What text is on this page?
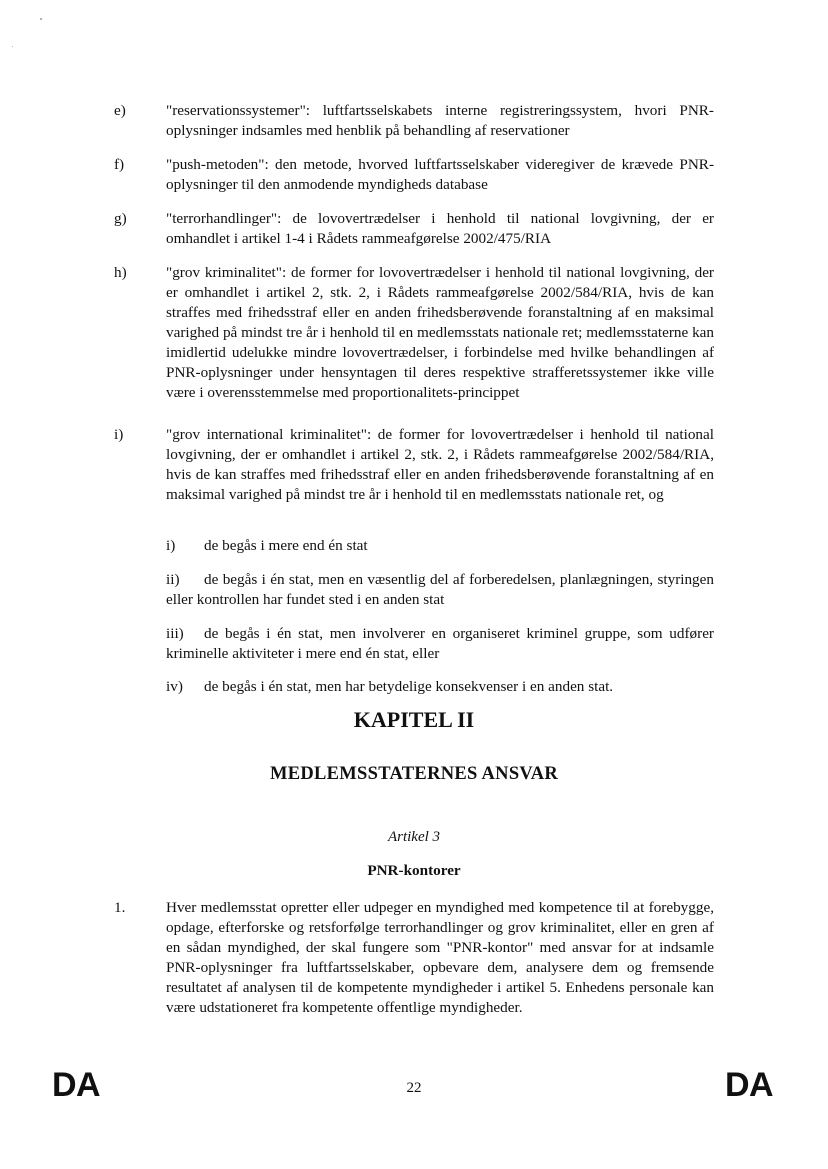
e)	"reservationssystemer": luftfartsselskabets interne registreringssystem, hvori PNR-oplysninger indsamles med henblik på behandling af reservationer
f)	"push-metoden": den metode, hvorved luftfartsselskaber videregiver de krævede PNR-oplysninger til den anmodende myndigheds database
g)	"terrorhandlinger": de lovovertrædelser i henhold til national lovgivning, der er omhandlet i artikel 1-4 i Rådets rammeafgørelse 2002/475/RIA
h)	"grov kriminalitet": de former for lovovertrædelser i henhold til national lovgivning, der er omhandlet i artikel 2, stk. 2, i Rådets rammeafgørelse 2002/584/RIA, hvis de kan straffes med frihedsstraf eller en anden frihedsberøvende foranstaltning af en maksimal varighed på mindst tre år i henhold til en medlemsstats nationale ret; medlemsstaterne kan imidlertid udelukke mindre lovovertrædelser, i forbindelse med hvilke behandlingen af PNR-oplysninger under hensyntagen til deres respektive strafferetssystemer ikke ville være i overensstemmelse med proportionalitets-princippet
i)	"grov international kriminalitet": de former for lovovertrædelser i henhold til national lovgivning, der er omhandlet i artikel 2, stk. 2, i Rådets rammeafgørelse 2002/584/RIA, hvis de kan straffes med frihedsstraf eller en anden frihedsberøvende foranstaltning af en maksimal varighed på mindst tre år i henhold til en medlemsstats nationale ret, og
i) de begås i mere end én stat
ii) de begås i én stat, men en væsentlig del af forberedelsen, planlægningen, styringen eller kontrollen har fundet sted i en anden stat
iii) de begås i én stat, men involverer en organiseret kriminel gruppe, som udfører kriminelle aktiviteter i mere end én stat, eller
iv) de begås i én stat, men har betydelige konsekvenser i en anden stat.
KAPITEL II
MEDLEMSSTATERNES ANSVAR
Artikel 3
PNR-kontorer
1.	Hver medlemsstat opretter eller udpeger en myndighed med kompetence til at forebygge, opdage, efterforske og retsforfølge terrorhandlinger og grov kriminalitet, eller en gren af en sådan myndighed, der skal fungere som "PNR-kontor" med ansvar for at indsamle PNR-oplysninger fra luftfartsselskaber, opbevare dem, analysere dem og fremsende resultatet af analysen til de kompetente myndigheder i artikel 5. Enhedens personale kan være udstationeret fra kompetente offentlige myndigheder.
DA	22	DA
